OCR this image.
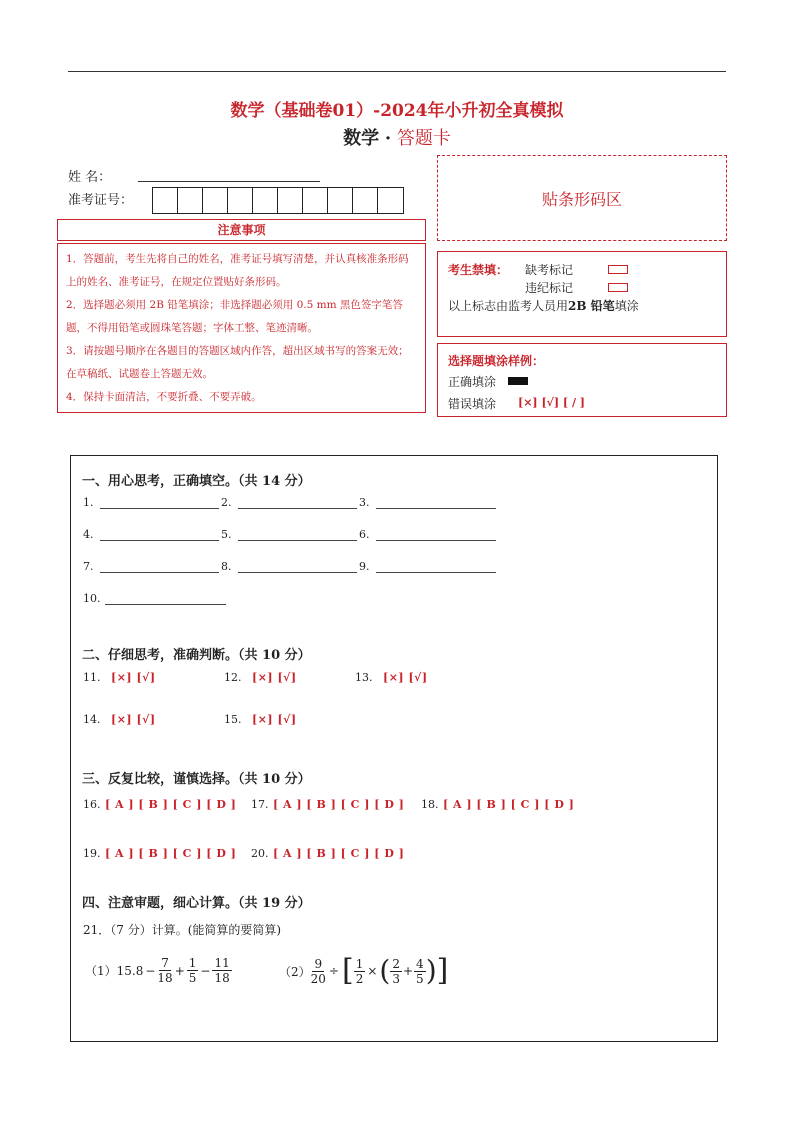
数学（基础卷01）-2024年小升初全真模拟
数学 · 答题卡
姓 名：
准考证号：	贴条形码区
注意事项

1．答题前，考生先将自己的姓名，准考证号填写清楚，并认真核准条形码上的姓名、准考证号，在规定位置贴好条形码。

2．选择题必须用 2B 铅笔填涂；非选择题必须用 0.5 mm 黑色签字笔答题，不得用铅笔或圆珠笔答题；字体工整、笔迹清晰。

3．请按题号顺序在各题目的答题区域内作答，超出区域书写的答案无效；在草稿纸、试题卷上答题无效。

4．保持卡面清洁，不要折叠、不要弄破。

考生禁填： 缺考标记
违纪标记
以上标志由监考人员用2B 铅笔填涂
选择题填涂样例：
正确填涂
错误填涂 [×] [√] [ / ]
一、用心思考，正确填空。（共 14 分）
1.	2.	3.
4.	5.	6.
7.	8.	9.
10.
二、仔细思考，准确判断。（共 10 分）
11. [×] [√]	12. [×] [√]	13. [×] [√]
14. [×] [√]	15. [×] [√]
三、反复比较，谨慎选择。（共 10 分）
16. [ A ] [ B ] [ C ] [ D ] 17. [ A ] [ B ] [ C ] [ D ] 18. [ A ] [ B ] [ C ] [ D ]
19. [ A ] [ B ] [ C ] [ D ] 20. [ A ] [ B ] [ C ] [ D ]
四、注意审题，细心计算。（共 19 分）
21．（7 分）计算。(能简算的要简算)
（1） $15.8 - \frac{7}{18} + \frac{1}{5} - \frac{11}{18}$	$(2) \frac{9}{20}$ ÷ [ $\frac{1}{2}$ × ( $\frac{2}{3} + \frac{4}{5}$ ) ]
